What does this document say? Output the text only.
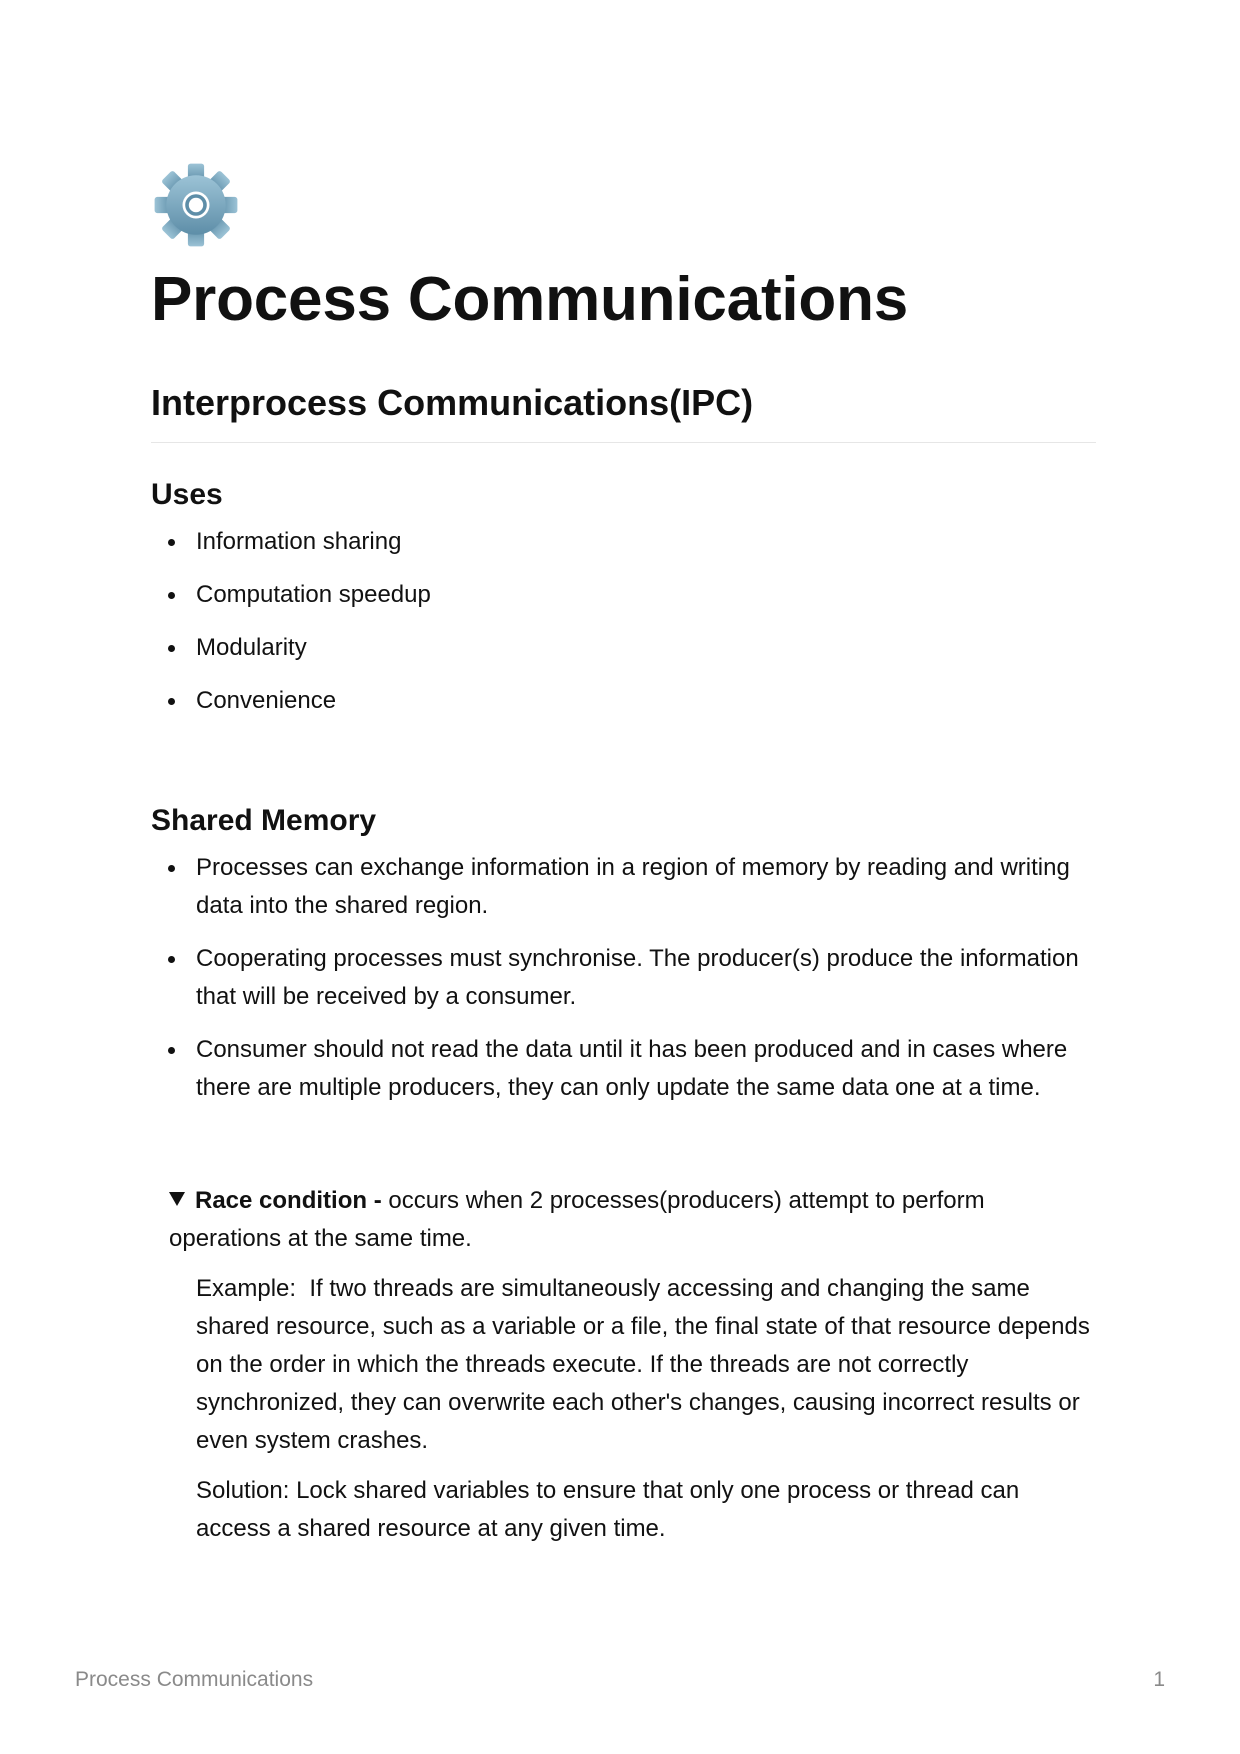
Process Communications
Interprocess Communications(IPC)
Uses
Information sharing
Computation speedup
Modularity
Convenience
Shared Memory
Processes can exchange information in a region of memory by reading and writing data into the shared region.
Cooperating processes must synchronise. The producer(s) produce the information that will be received by a consumer.
Consumer should not read the data until it has been produced and in cases where there are multiple producers, they can only update the same data one at a time.
Race condition - occurs when 2 processes(producers) attempt to perform operations at the same time.

Example:  If two threads are simultaneously accessing and changing the same shared resource, such as a variable or a file, the final state of that resource depends on the order in which the threads execute. If the threads are not correctly synchronized, they can overwrite each other's changes, causing incorrect results or even system crashes.

Solution: Lock shared variables to ensure that only one process or thread can access a shared resource at any given time.

Process Communications	1
